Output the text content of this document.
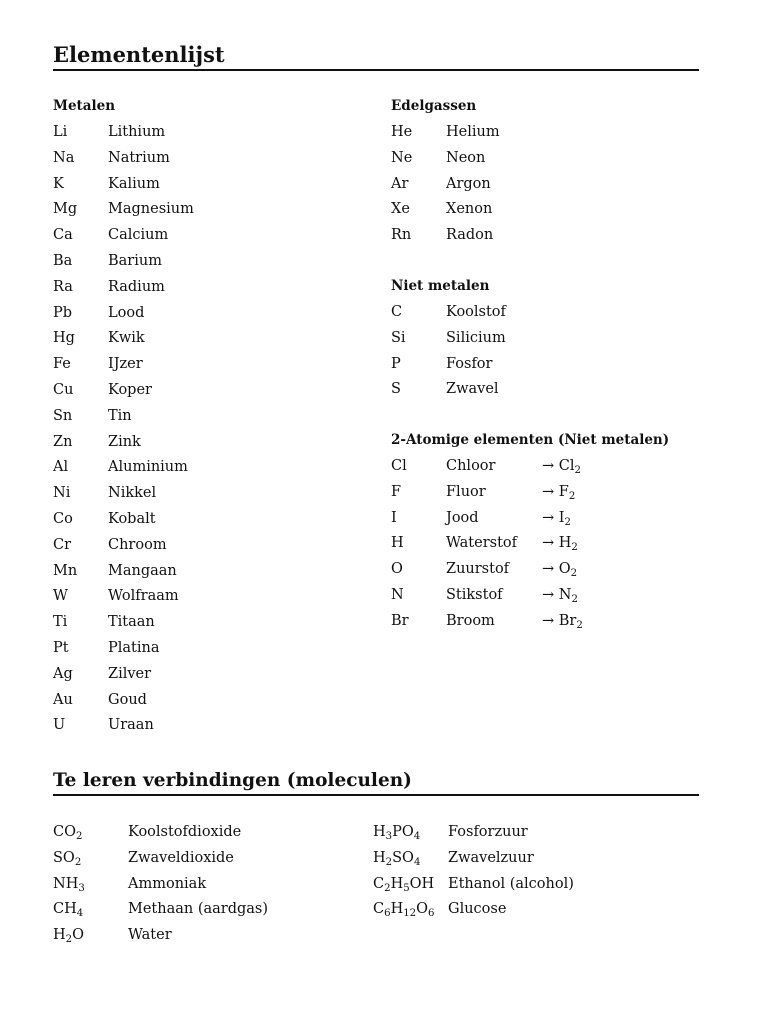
Elementenlijst
Metalen
Li	Lithium
Na Natrium
K	Kalium
Mg Magnesium
Ca Calcium
Ba Barium
Ra Radium
Pb Lood
Hg Kwik
Fe	IJzer
Cu Koper
Sn Tin
Zn Zink
Al	Aluminium
Ni	Nikkel
Co Kobalt
Cr	Chroom
Mn Mangaan
W	Wolfraam
Ti	Titaan
Pt	Platina
Ag Zilver
Au Goud
U	Uraan
Edelgassen
He Helium
Ne Neon
Ar	Argon
Xe Xenon
Rn Radon
Niet metalen
C	Koolstof
Si	Silicium
P	Fosfor
S	Zwavel
2-Atomige elementen (Niet metalen)
Cl	Chloor	→ $Cl_2$
F	Fluor	→ $F_2$
I	Jood	→ $I_2$
H	Waterstof → $H_2$
O	Zuurstof → $O_2$
N	Stikstof	→ $N_2$
Br	Broom	→ $Br_2$
Te leren verbindingen (moleculen)
$CO_2$	Koolstofdioxide
$SO_2$	Zwaveldioxide
$NH_3$	Ammoniak
$CH_4$	Methaan (aardgas)
$H_2O$	Water
$H_3PO_4$ Fosforzuur
$H_2SO_4$ Zwavelzuur
$C_2H_5OH$ Ethanol (alcohol)
$C_6H_{12}O_6$ Glucose
